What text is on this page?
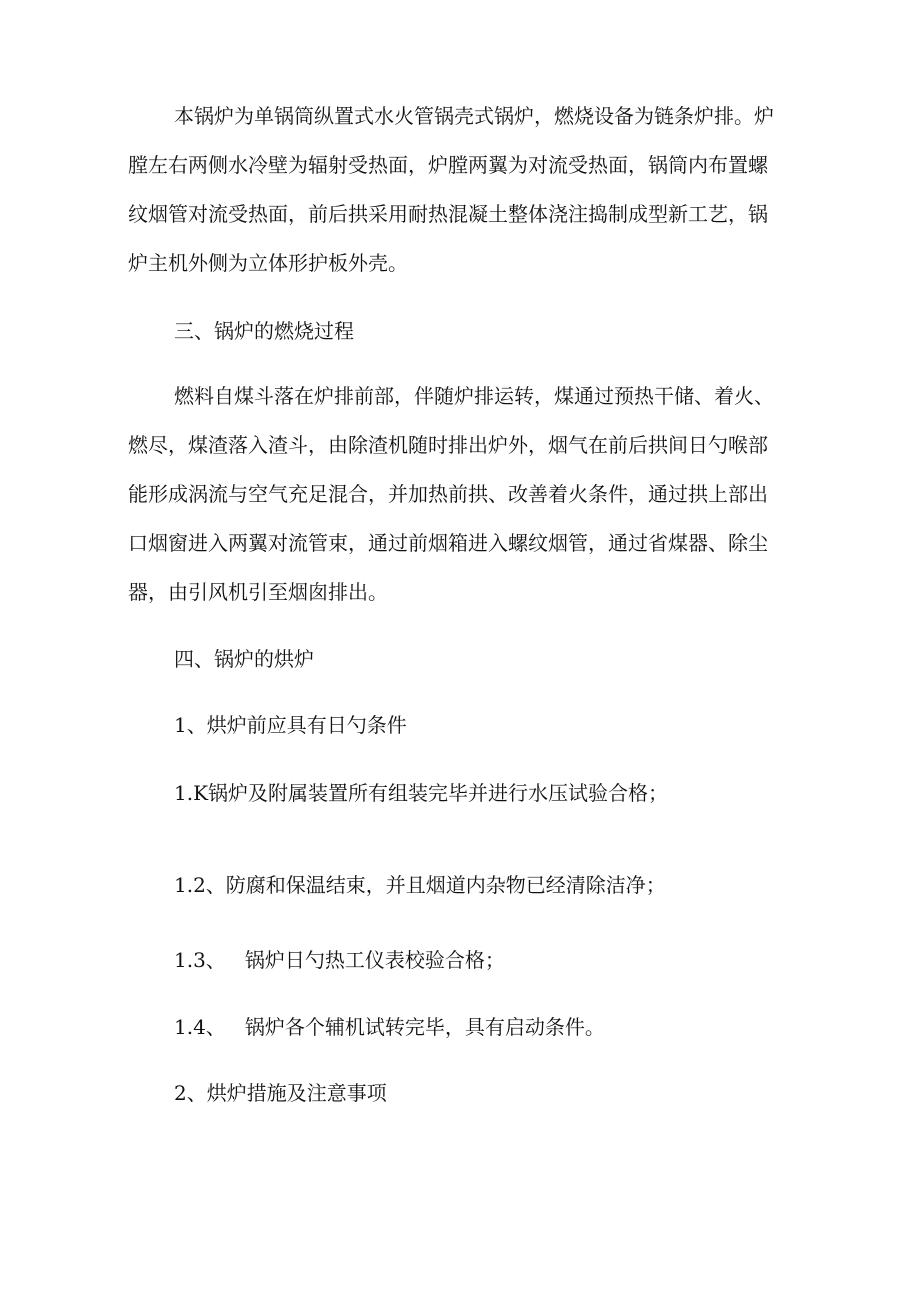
本锅炉为单锅筒纵置式水火管锅壳式锅炉，燃烧设备为链条炉排。炉
膛左右两侧水冷壁为辐射受热面，炉膛两翼为对流受热面，锅筒内布置螺
纹烟管对流受热面，前后拱采用耐热混凝土整体浇注捣制成型新工艺，锅
炉主机外侧为立体形护板外壳。

三、锅炉的燃烧过程

燃料自煤斗落在炉排前部，伴随炉排运转，煤通过预热干储、着火、
燃尽，煤渣落入渣斗，由除渣机随时排出炉外，烟气在前后拱间日勺喉部
能形成涡流与空气充足混合，并加热前拱、改善着火条件，通过拱上部出
口烟窗进入两翼对流管束，通过前烟箱进入螺纹烟管，通过省煤器、除尘
器，由引风机引至烟囱排出。

四、锅炉的烘炉

1、烘炉前应具有日勺条件

1.K锅炉及附属装置所有组装完毕并进行水压试验合格；

1.2、防腐和保温结束，并且烟道内杂物已经清除洁净；

1.3、   锅炉日勺热工仪表校验合格；

1.4、   锅炉各个辅机试转完毕，具有启动条件。

2、烘炉措施及注意事项
